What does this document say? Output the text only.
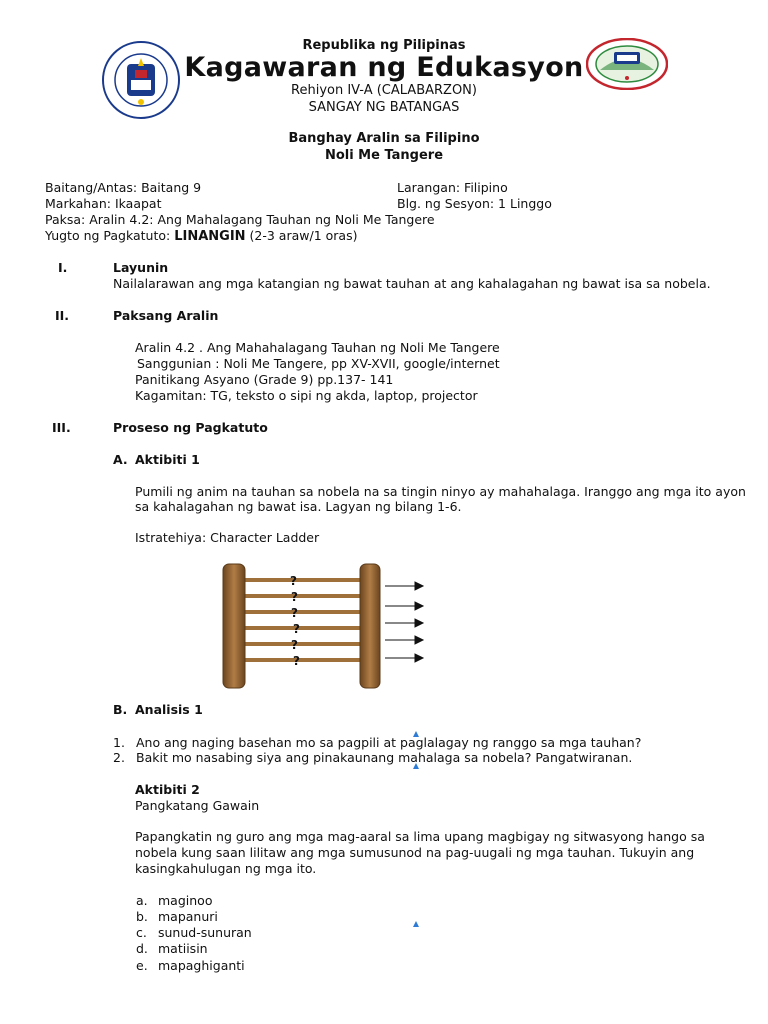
Republika ng Pilipinas
Kagawaran ng Edukasyon
Rehiyon IV-A (CALABARZON)
SANGAY NG BATANGAS
Banghay Aralin sa Filipino
Noli Me Tangere
Baitang/Antas: Baitang 9	Larangan: Filipino
Markahan: Ikaapat	Blg. ng Sesyon: 1 Linggo
Paksa: Aralin 4.2: Ang Mahalagang Tauhan ng Noli Me Tangere
Yugto ng Pagkatuto: LINANGIN (2-3 araw/1 oras)
I.	Layunin
Nailalarawan ang mga katangian ng bawat tauhan at ang kahalagahan ng bawat isa sa nobela.
II.	Paksang Aralin
Aralin 4.2 . Ang Mahahalagang Tauhan ng Noli Me Tangere
Sanggunian : Noli Me Tangere, pp XV-XVII, google/internet
Panitikang Asyano (Grade 9) pp.137- 141
Kagamitan: TG, teksto o sipi ng akda, laptop, projector
III.	Proseso ng Pagkatuto
A. Aktibiti 1
Pumili ng anim na tauhan sa nobela na sa tingin ninyo ay mahahalaga. Iranggo ang mga ito ayon
sa kahalagahan ng bawat isa. Lagyan ng bilang 1-6.
Istratehiya: Character Ladder
?
?
?
?
?
?
B. Analisis 1
1. Ano ang naging basehan mo sa pagpili at paglalagay ng ranggo sa mga tauhan?
2. Bakit mo nasabing siya ang pinakaunang mahalaga sa nobela? Pangatwiranan.
Aktibiti 2
Pangkatang Gawain
Papangkatin ng guro ang mga mag-aaral sa lima upang magbigay ng sitwasyong hango sa
nobela kung saan lilitaw ang mga sumusunod na pag-uugali ng mga tauhan. Tukuyin ang
kasingkahulugan ng mga ito.
a. maginoo
b. mapanuri
c. sunud-sunuran
d. matiisin
e. mapaghiganti
